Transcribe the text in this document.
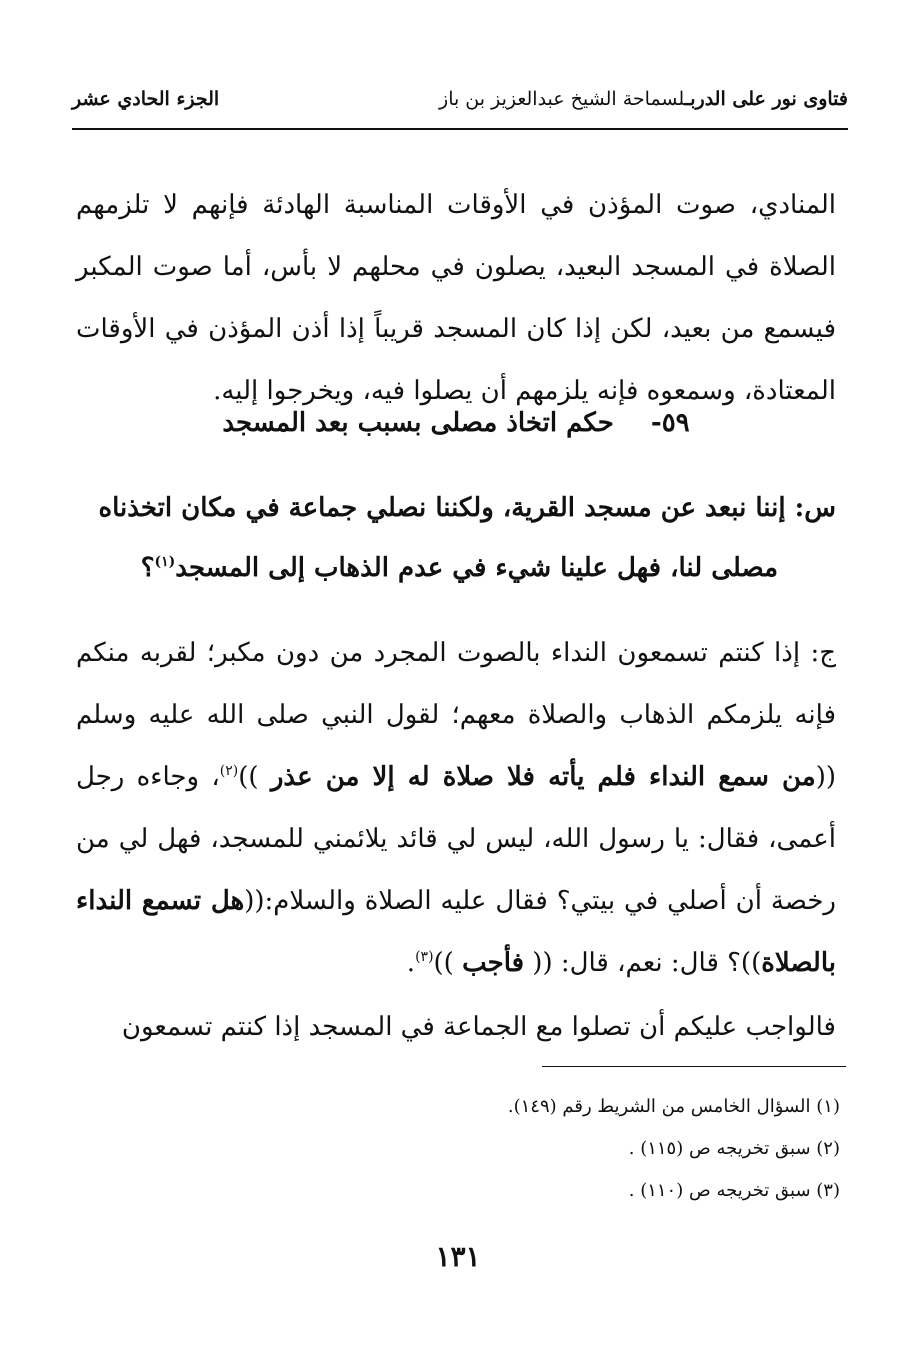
فتاوى نور على الدربـلسماحة الشيخ عبدالعزيز بن باز
الجزء الحادي عشر

المنادي، صوت المؤذن في الأوقات المناسبة الهادئة فإنهم لا تلزمهم الصلاة في المسجد البعيد، يصلون في محلهم لا بأس، أما صوت المكبر فيسمع من بعيد، لكن إذا كان المسجد قريباً إذا أذن المؤذن في الأوقات المعتادة، وسمعوه فإنه يلزمهم أن يصلوا فيه، ويخرجوا إليه.

٥٩- حكم اتخاذ مصلى بسبب بعد المسجد
س: إننا نبعد عن مسجد القرية، ولكننا نصلي جماعة في مكان اتخذناه
مصلى لنا، فهل علينا شيء في عدم الذهاب إلى المسجد$^{(١)}$؟

ج: إذا كنتم تسمعون النداء بالصوت المجرد من دون مكبر؛ لقربه منكم فإنه يلزمكم الذهاب والصلاة معهم؛ لقول النبي صلى الله عليه وسلم ((من سمع النداء فلم يأته فلا صلاة له إلا من عذر ))$^{(٢)}$، وجاءه رجل أعمى، فقال: يا رسول الله، ليس لي قائد يلائمني للمسجد، فهل لي من رخصة أن أصلي في بيتي؟ فقال عليه الصلاة والسلام:((هل تسمع النداء بالصلاة))؟ قال: نعم، قال: (( فأجب ))$^{(٣)}$.

فالواجب عليكم أن تصلوا مع الجماعة في المسجد إذا كنتم تسمعون

(١) السؤال الخامس من الشريط رقم (١٤٩).
(٢) سبق تخريجه ص (١١٥) .
(٣) سبق تخريجه ص (١١٠) .
١٣١
